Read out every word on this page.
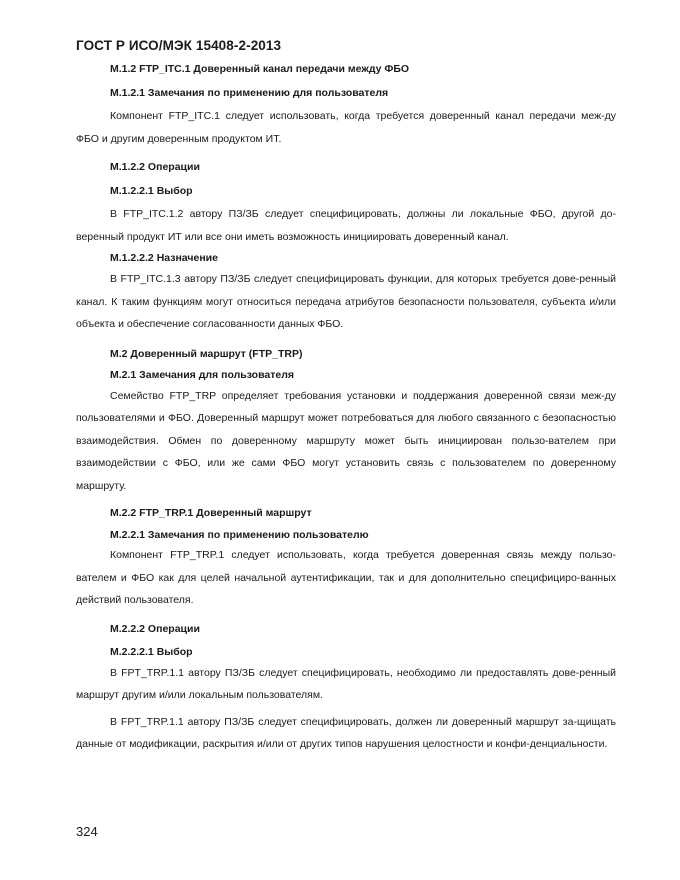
ГОСТ Р ИСО/МЭК 15408-2-2013
M.1.2 FTP_ITC.1 Доверенный канал передачи между ФБО
M.1.2.1 Замечания по применению для пользователя

Компонент FTP_ITC.1 следует использовать, когда требуется доверенный канал передачи меж-ду ФБО и другим доверенным продуктом ИТ.

M.1.2.2 Операции
M.1.2.2.1 Выбор

В FTP_ITC.1.2 автору ПЗ/ЗБ следует специфицировать, должны ли локальные ФБО, другой до-веренный продукт ИТ или все они иметь возможность инициировать доверенный канал.

M.1.2.2.2 Назначение

В FTP_ITC.1.3 автору ПЗ/ЗБ следует специфицировать функции, для которых требуется дове-ренный канал. К таким функциям могут относиться передача атрибутов безопасности пользователя, субъекта и/или объекта и обеспечение согласованности данных ФБО.

M.2 Доверенный маршрут (FTP_TRP)
M.2.1 Замечания для пользователя

Семейство FTP_TRP определяет требования установки и поддержания доверенной связи меж-ду пользователями и ФБО. Доверенный маршрут может потребоваться для любого связанного с безопасностью взаимодействия. Обмен по доверенному маршруту может быть инициирован пользо-вателем при взаимодействии с ФБО, или же сами ФБО могут установить связь с пользователем по доверенному маршруту.

M.2.2 FTP_TRP.1 Доверенный маршрут
M.2.2.1 Замечания по применению пользователю

Компонент FTP_TRP.1 следует использовать, когда требуется доверенная связь между пользо-вателем и ФБО как для целей начальной аутентификации, так и для дополнительно специфициро-ванных действий пользователя.

M.2.2.2 Операции
M.2.2.2.1 Выбор

В FPT_TRP.1.1 автору ПЗ/ЗБ следует специфицировать, необходимо ли предоставлять дове-ренный маршрут другим и/или локальным пользователям.

В FPT_TRP.1.1 автору ПЗ/ЗБ следует специфицировать, должен ли доверенный маршрут за-щищать данные от модификации, раскрытия и/или от других типов нарушения целостности и конфи-денциальности.

324
